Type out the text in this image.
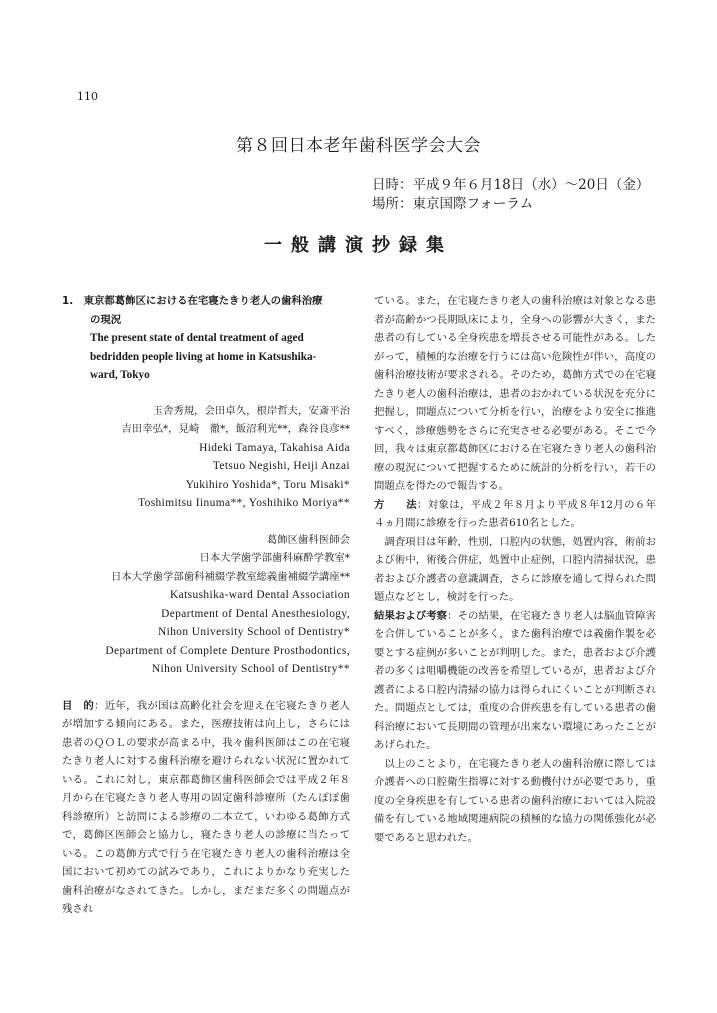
110
第８回日本老年歯科医学会大会
日時：平成９年６月18日（水）～20日（金）
場所：東京国際フォーラム
一般講演抄録集
1.　東京都葛飾区における在宅寝たきり老人の歯科治療
の現況
The present state of dental treatment of aged
bedridden people living at home in Katsushika-
ward, Tokyo
玉舎秀規，会田卓久，根岸哲夫，安斎平治
吉田幸弘*，見崎　徹*，飯沼利光**，森谷良彦**
Hideki Tamaya, Takahisa Aida
Tetsuo Negishi, Heiji Anzai
Yukihiro Yoshida*, Toru Misaki*
Toshimitsu Iinuma**, Yoshihiko Moriya**
葛飾区歯科医師会
日本大学歯学部歯科麻酔学教室*
日本大学歯学部歯科補綴学教室総義歯補綴学講座**
Katsushika-ward Dental Association
Department of Dental Anesthesiology,
Nihon University School of Dentistry*
Department of Complete Denture Prosthodontics,
Nihon University School of Dentistry**
目　的：近年，我が国は高齢化社会を迎え在宅寝たきり老人が増加する傾向にある。また，医療技術は向上し，さらには患者のＱＯＬの要求が高まる中，我々歯科医師はこの在宅寝たきり老人に対する歯科治療を避けられない状況に置かれている。これに対し，東京都葛飾区歯科医師会では平成２年８月から在宅寝たきり老人専用の固定歯科診療所（たんぽぽ歯科診療所）と訪問による診療の二本立て，いわゆる葛飾方式で，葛飾区医師会と協力し，寝たきり老人の診療に当たっている。この葛飾方式で行う在宅寝たきり老人の歯科治療は全国において初めての試みであり，これによりかなり充実した歯科治療がなされてきた。しかし，まだまだ多くの問題点が残され
ている。また，在宅寝たきり老人の歯科治療は対象となる患者が高齢かつ長期臥床により，全身への影響が大きく，また患者の有している全身疾患を増長させる可能性がある。したがって，積極的な治療を行うには高い危険性が伴い，高度の歯科治療技術が要求される。そのため，葛飾方式での在宅寝たきり老人の歯科治療は，患者のおかれている状況を充分に把握し，問題点について分析を行い，治療をより安全に推進すべく，診療態勢をさらに充実させる必要がある。そこで今回，我々は東京都葛飾区における在宅寝たきり老人の歯科治療の現況について把握するために統計的分析を行い，若干の問題点を得たので報告する。
方　　法：対象は，平成２年８月より平成８年12月の６年４ヵ月間に診療を行った患者610名とした。
調査項目は年齢，性別，口腔内の状態，処置内容，術前および術中，術後合併症，処置中止症例，口腔内清掃状況，患者および介護者の意識調査，さらに診療を通して得られた問題点などとし，検討を行った。
結果および考察：その結果，在宅寝たきり老人は脳血管障害を合併していることが多く，また歯科治療では義歯作製を必要とする症例が多いことが判明した。また，患者および介護者の多くは咀嚼機能の改善を希望しているが，患者および介護者による口腔内清掃の協力は得られにくいことが判断された。問題点としては，重度の合併疾患を有している患者の歯科治療において長期間の管理が出来ない環境にあったことがあげられた。
以上のことより，在宅寝たきり老人の歯科治療に際しては介護者への口腔衛生指導に対する動機付けが必要であり，重度の全身疾患を有している患者の歯科治療においては入院設備を有している地域関連病院の積極的な協力の関係強化が必要であると思われた。
